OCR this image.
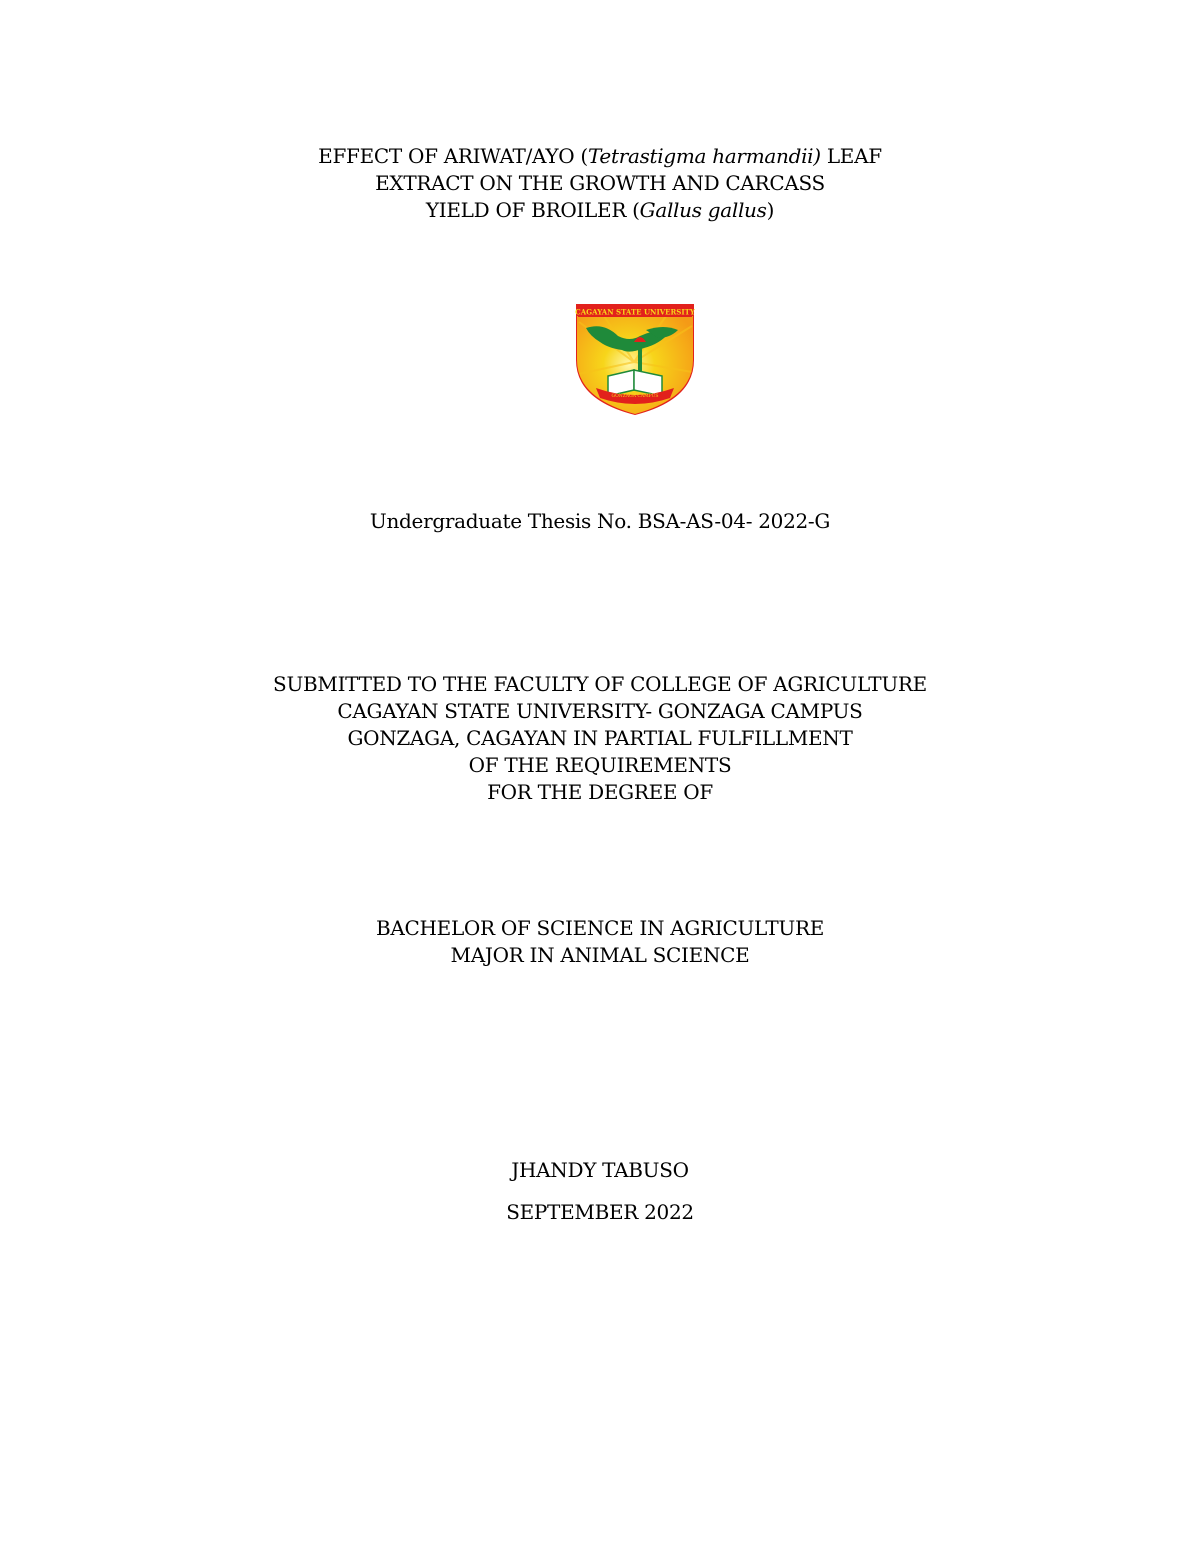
EFFECT OF ARIWAT/AYO (Tetrastigma harmandii) LEAF
EXTRACT ON THE GROWTH AND CARCASS
YIELD OF BROILER (Gallus gallus)
CAGAYAN STATE UNIVERSITY
GONZAGA CAMPUS
Undergraduate Thesis No. BSA-AS-04- 2022-G
SUBMITTED TO THE FACULTY OF COLLEGE OF AGRICULTURE
CAGAYAN STATE UNIVERSITY- GONZAGA CAMPUS
GONZAGA, CAGAYAN IN PARTIAL FULFILLMENT
OF THE REQUIREMENTS
FOR THE DEGREE OF
BACHELOR OF SCIENCE IN AGRICULTURE
MAJOR IN ANIMAL SCIENCE
JHANDY TABUSO
SEPTEMBER 2022
